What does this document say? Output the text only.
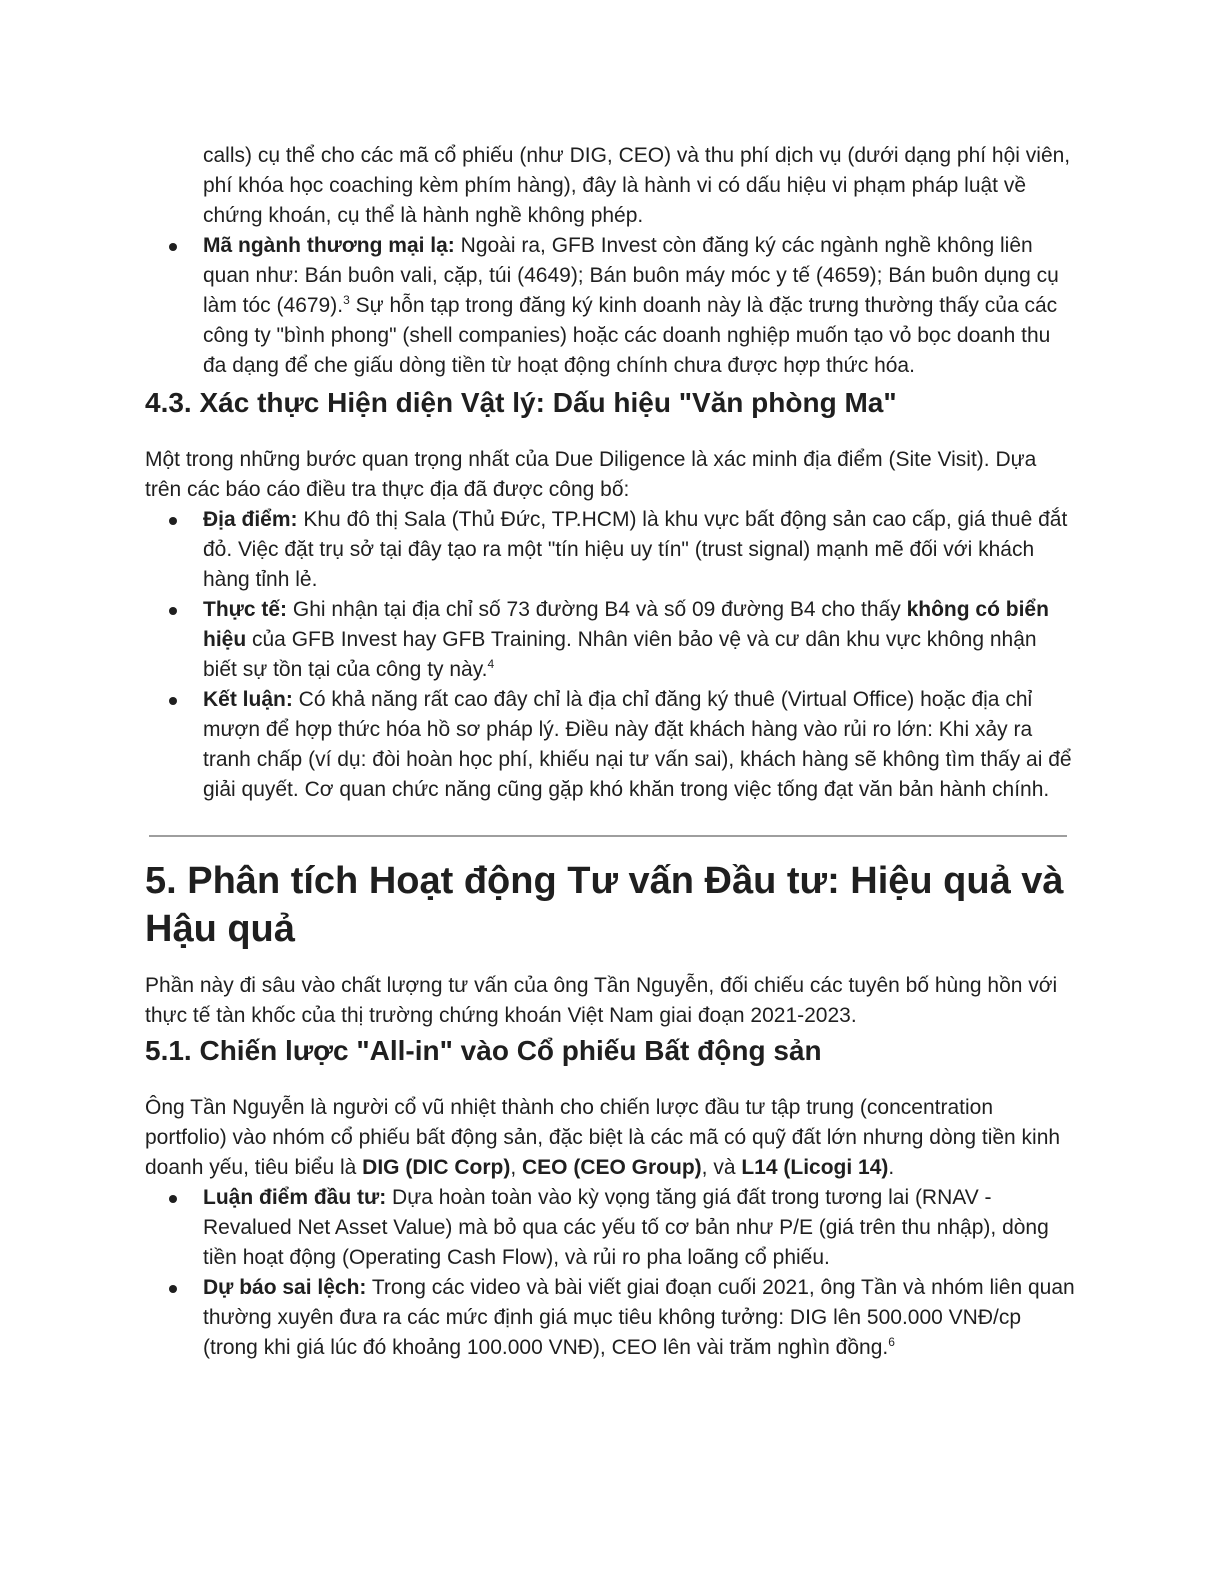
calls) cụ thể cho các mã cổ phiếu (như DIG, CEO) và thu phí dịch vụ (dưới dạng phí hội viên, phí khóa học coaching kèm phím hàng), đây là hành vi có dấu hiệu vi phạm pháp luật về chứng khoán, cụ thể là hành nghề không phép.

Mã ngành thương mại lạ: Ngoài ra, GFB Invest còn đăng ký các ngành nghề không liên quan như: Bán buôn vali, cặp, túi (4649); Bán buôn máy móc y tế (4659); Bán buôn dụng cụ làm tóc (4679).$^3$ Sự hỗn tạp trong đăng ký kinh doanh này là đặc trưng thường thấy của các công ty "bình phong" (shell companies) hoặc các doanh nghiệp muốn tạo vỏ bọc doanh thu đa dạng để che giấu dòng tiền từ hoạt động chính chưa được hợp thức hóa.
4.3. Xác thực Hiện diện Vật lý: Dấu hiệu "Văn phòng Ma"

Một trong những bước quan trọng nhất của Due Diligence là xác minh địa điểm (Site Visit). Dựa trên các báo cáo điều tra thực địa đã được công bố:

Địa điểm: Khu đô thị Sala (Thủ Đức, TP.HCM) là khu vực bất động sản cao cấp, giá thuê đắt đỏ. Việc đặt trụ sở tại đây tạo ra một "tín hiệu uy tín" (trust signal) mạnh mẽ đối với khách hàng tỉnh lẻ.
Thực tế: Ghi nhận tại địa chỉ số 73 đường B4 và số 09 đường B4 cho thấy không có biển hiệu của GFB Invest hay GFB Training. Nhân viên bảo vệ và cư dân khu vực không nhận biết sự tồn tại của công ty này.$^4$
Kết luận: Có khả năng rất cao đây chỉ là địa chỉ đăng ký thuê (Virtual Office) hoặc địa chỉ mượn để hợp thức hóa hồ sơ pháp lý. Điều này đặt khách hàng vào rủi ro lớn: Khi xảy ra tranh chấp (ví dụ: đòi hoàn học phí, khiếu nại tư vấn sai), khách hàng sẽ không tìm thấy ai để giải quyết. Cơ quan chức năng cũng gặp khó khăn trong việc tống đạt văn bản hành chính.
5. Phân tích Hoạt động Tư vấn Đầu tư: Hiệu quả và Hậu quả

Phần này đi sâu vào chất lượng tư vấn của ông Tần Nguyễn, đối chiếu các tuyên bố hùng hồn với thực tế tàn khốc của thị trường chứng khoán Việt Nam giai đoạn 2021-2023.

5.1. Chiến lược "All-in" vào Cổ phiếu Bất động sản

Ông Tần Nguyễn là người cổ vũ nhiệt thành cho chiến lược đầu tư tập trung (concentration portfolio) vào nhóm cổ phiếu bất động sản, đặc biệt là các mã có quỹ đất lớn nhưng dòng tiền kinh doanh yếu, tiêu biểu là DIG (DIC Corp), CEO (CEO Group), và L14 (Licogi 14).

Luận điểm đầu tư: Dựa hoàn toàn vào kỳ vọng tăng giá đất trong tương lai (RNAV - Revalued Net Asset Value) mà bỏ qua các yếu tố cơ bản như P/E (giá trên thu nhập), dòng tiền hoạt động (Operating Cash Flow), và rủi ro pha loãng cổ phiếu.
Dự báo sai lệch: Trong các video và bài viết giai đoạn cuối 2021, ông Tần và nhóm liên quan thường xuyên đưa ra các mức định giá mục tiêu không tưởng: DIG lên 500.000 VNĐ/cp (trong khi giá lúc đó khoảng 100.000 VNĐ), CEO lên vài trăm nghìn đồng.$^6$
